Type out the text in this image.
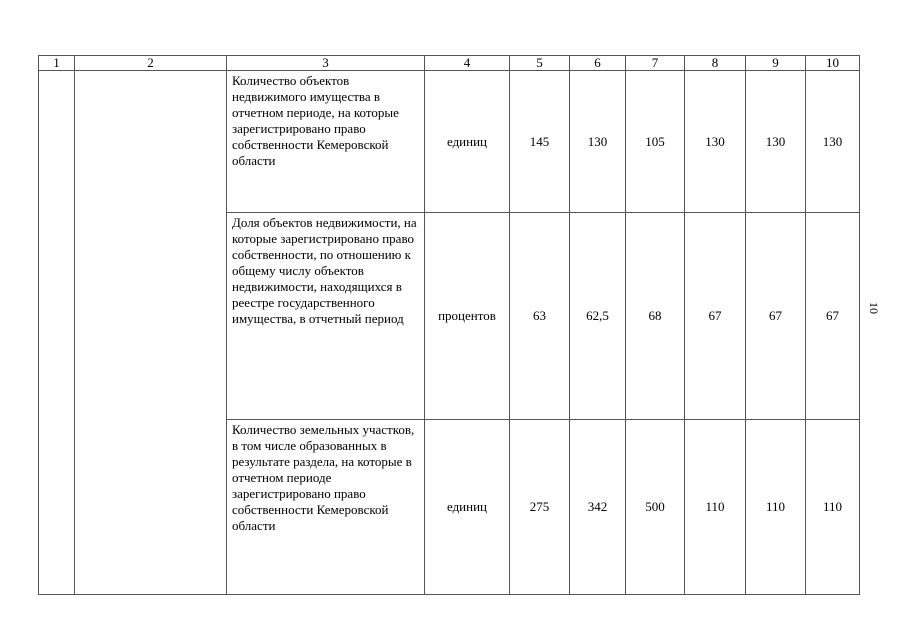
1	2	3	4	5	6	7	8	9	10
		Количество объектов недвижимого имущества в отчетном периоде, на которые зарегистрировано право собственности Кемеровской области	единиц	145	130	105	130	130	130
		Доля объектов недвижимости, на которые зарегистрировано право собственности, по отношению к общему числу объектов недвижимости, находящихся в реестре государственного имущества, в отчетный период	процентов	63	62,5	68	67	67	67
		Количество земельных участков, в том числе образованных в результате раздела, на которые в отчетном периоде зарегистрировано право собственности Кемеровской области	единиц	275	342	500	110	110	110
10
